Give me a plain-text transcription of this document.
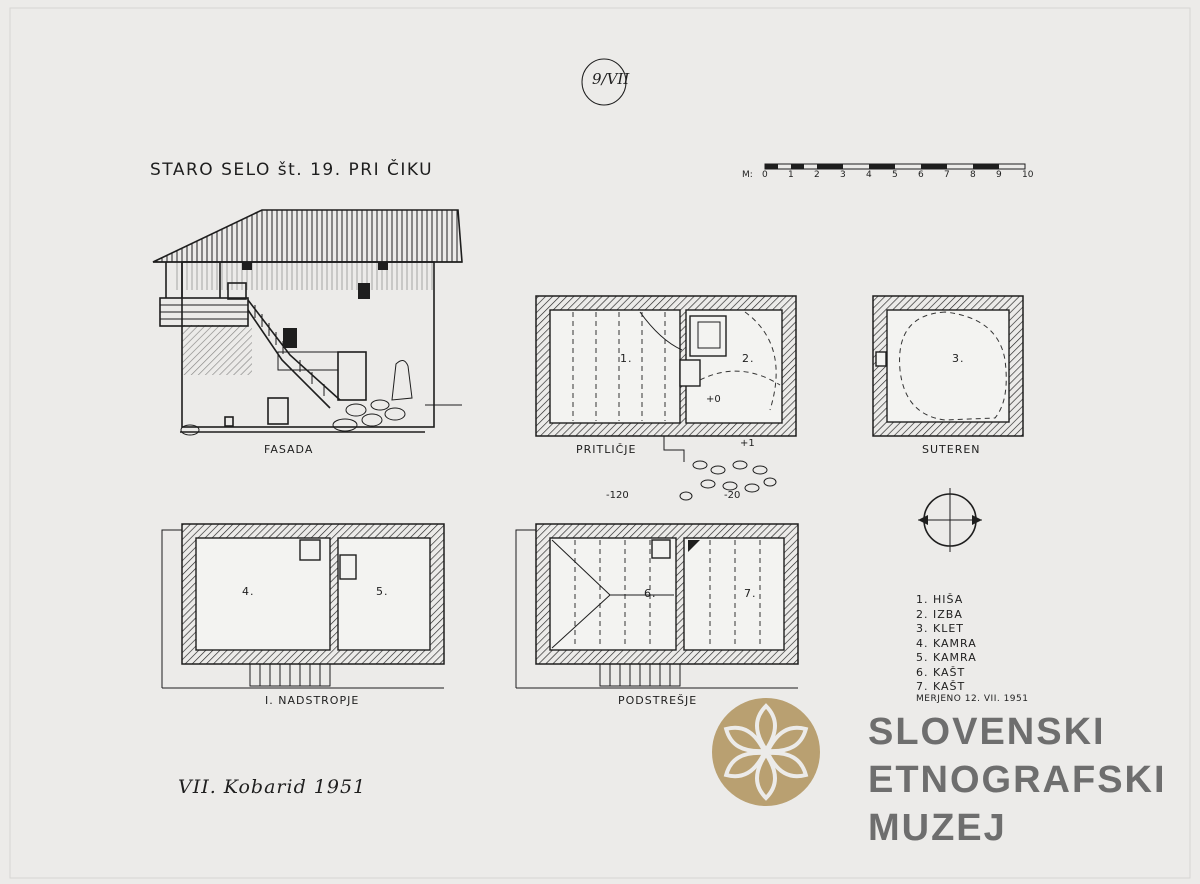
9/VII
STARO SELO št. 19. PRI ČIKU	M: 0 1 2 3 4 5 6 7 8 9 10
FASADA	PRITLIČJE	SUTEREN
I. NADSTROPJE	PODSTREŠJE
1.	2.	3.
4.	5.	6.	7.
+0
+1
-120	-20
1. HIŠA
2. IZBA
3. KLET
4. KAMRA
5. KAMRA
6. KAŠT
7. KAŠT
MERJENO 12. VII. 1951
VII. Kobarid 1951
SLOVENSKI
ETNOGRAFSKI
MUZEJ
